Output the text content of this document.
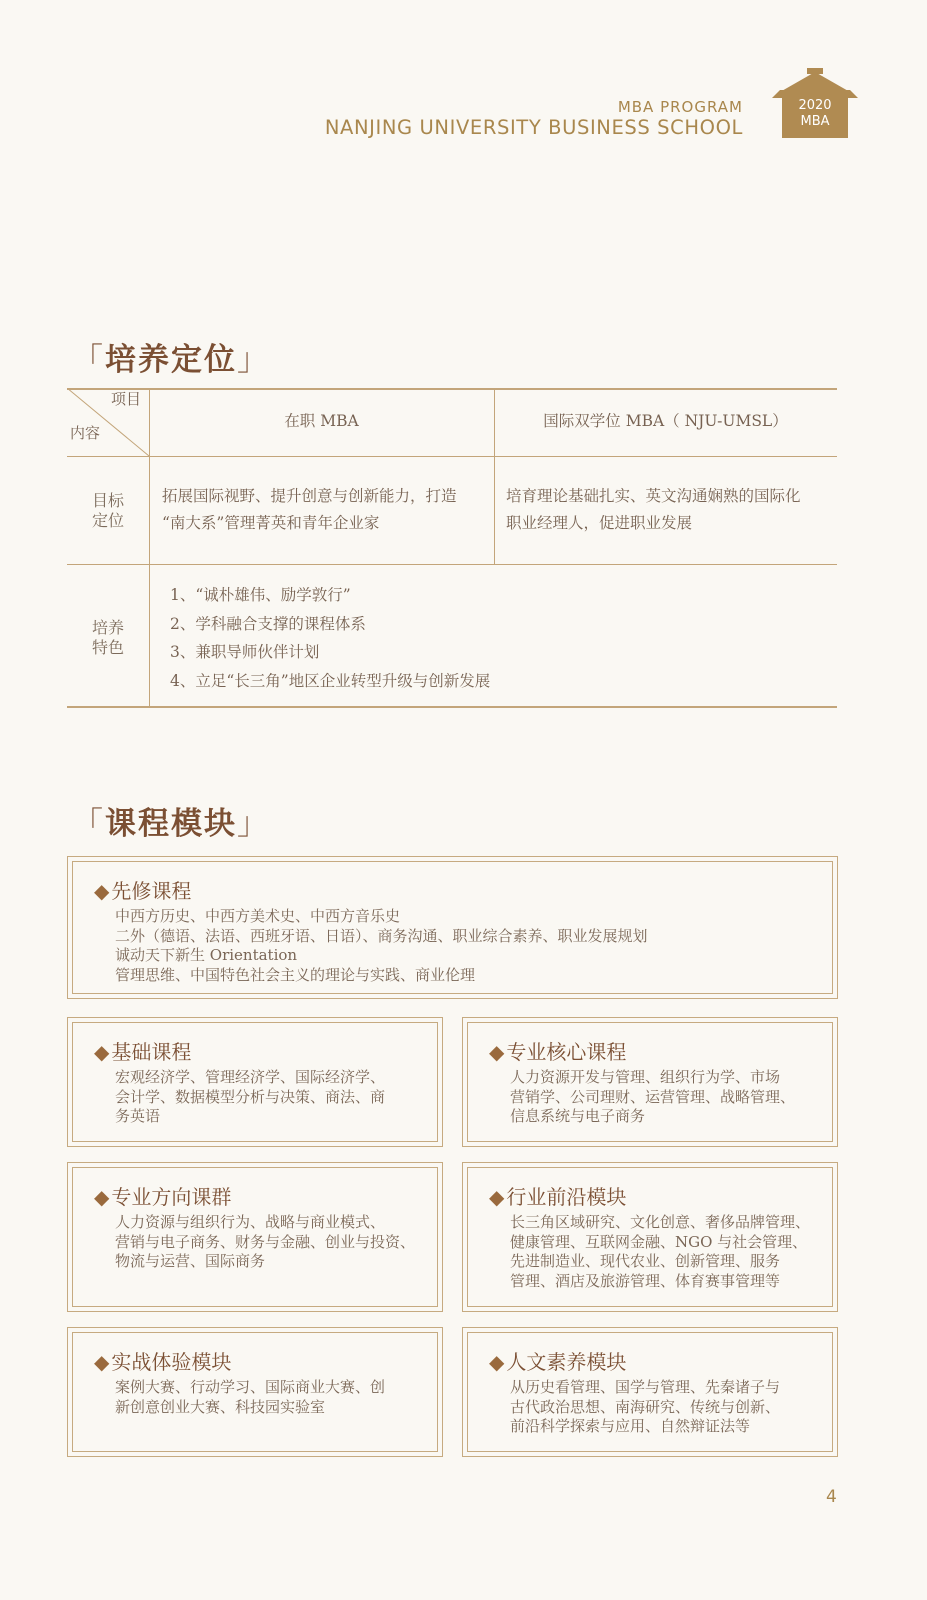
MBA PROGRAM
NANJING UNIVERSITY BUSINESS SCHOOL
2020
MBA
「培养定位」
项目
内容
在职 MBA	国际双学位 MBA（ NJU-UMSL）
目标
定位
拓展国际视野、提升创意与创新能力，打造
“南大系”管理菁英和青年企业家
培育理论基础扎实、英文沟通娴熟的国际化
职业经理人，促进职业发展
培养
特色
1、“诚朴雄伟、励学敦行”
2、学科融合支撑的课程体系
3、兼职导师伙伴计划
4、立足“长三角”地区企业转型升级与创新发展
「课程模块」
◆ 先修课程
中西方历史、中西方美术史、中西方音乐史
二外（德语、法语、西班牙语、日语）、商务沟通、职业综合素养、职业发展规划
诚动天下新生 Orientation
管理思维、中国特色社会主义的理论与实践、商业伦理
◆ 基础课程
宏观经济学、管理经济学、国际经济学、
会计学、数据模型分析与决策、商法、商
务英语
◆ 专业核心课程
人力资源开发与管理、组织行为学、市场
营销学、公司理财、运营管理、战略管理、
信息系统与电子商务
◆ 专业方向课群
人力资源与组织行为、战略与商业模式、
营销与电子商务、财务与金融、创业与投资、
物流与运营、国际商务
◆ 行业前沿模块
长三角区域研究、文化创意、奢侈品牌管理、
健康管理、互联网金融、NGO 与社会管理、
先进制造业、现代农业、创新管理、服务
管理、酒店及旅游管理、体育赛事管理等
◆ 实战体验模块
案例大赛、行动学习、国际商业大赛、创
新创意创业大赛、科技园实验室
◆ 人文素养模块
从历史看管理、国学与管理、先秦诸子与
古代政治思想、南海研究、传统与创新、
前沿科学探索与应用、自然辩证法等
4
